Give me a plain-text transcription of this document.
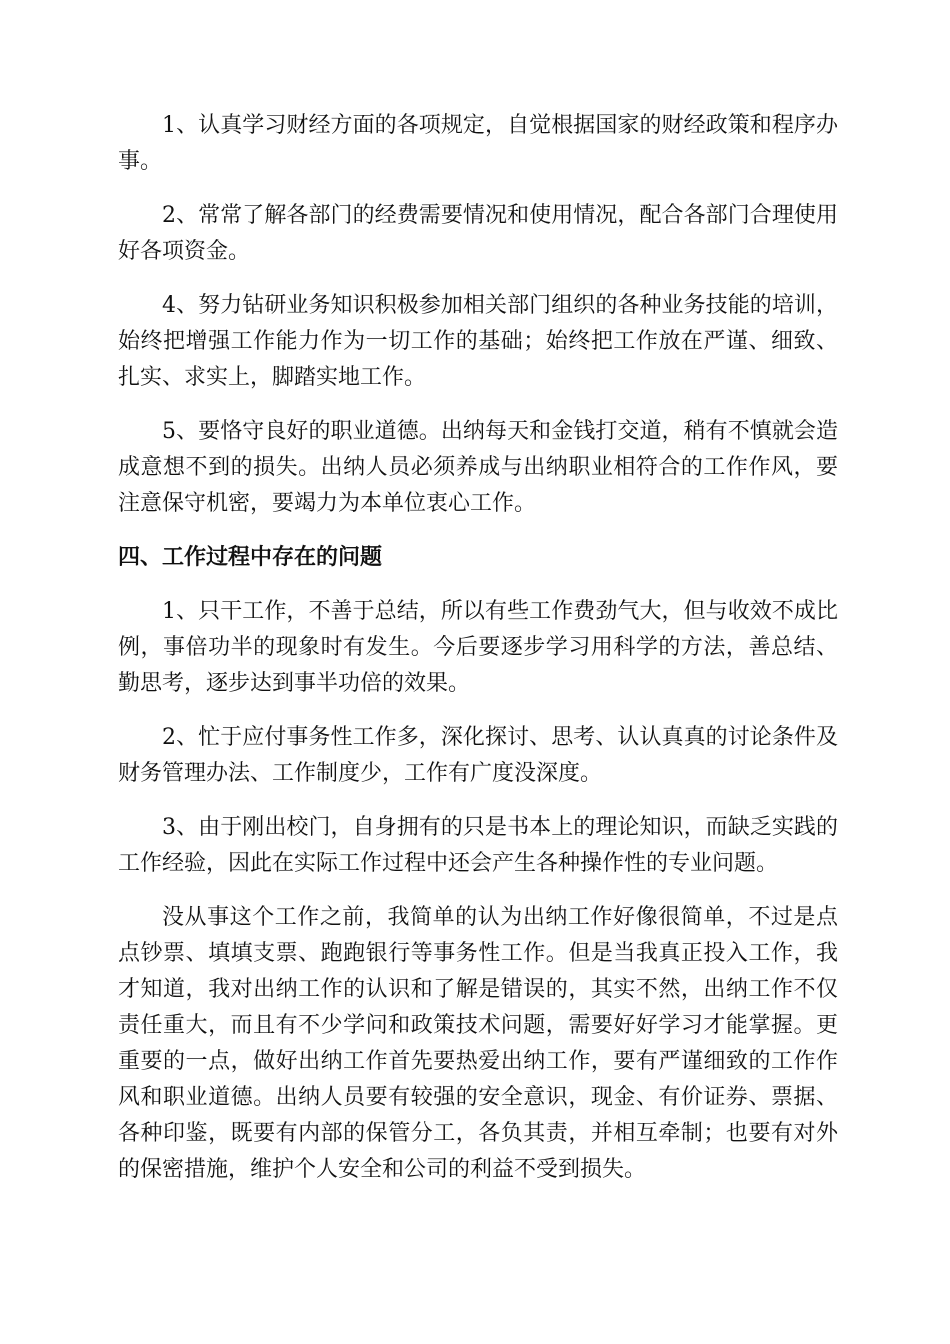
1、认真学习财经方面的各项规定，自觉根据国家的财经政策和程序办事。

2、常常了解各部门的经费需要情况和使用情况，配合各部门合理使用好各项资金。

4、努力钻研业务知识积极参加相关部门组织的各种业务技能的培训，始终把增强工作能力作为一切工作的基础；始终把工作放在严谨、细致、扎实、求实上，脚踏实地工作。

5、要恪守良好的职业道德。出纳每天和金钱打交道，稍有不慎就会造成意想不到的损失。出纳人员必须养成与出纳职业相符合的工作作风，要注意保守机密，要竭力为本单位衷心工作。

四、工作过程中存在的问题

1、只干工作，不善于总结，所以有些工作费劲气大，但与收效不成比例，事倍功半的现象时有发生。今后要逐步学习用科学的方法，善总结、勤思考，逐步达到事半功倍的效果。

2、忙于应付事务性工作多，深化探讨、思考、认认真真的讨论条件及财务管理办法、工作制度少，工作有广度没深度。

3、由于刚出校门，自身拥有的只是书本上的理论知识，而缺乏实践的工作经验，因此在实际工作过程中还会产生各种操作性的专业问题。

没从事这个工作之前，我简单的认为出纳工作好像很简单，不过是点点钞票、填填支票、跑跑银行等事务性工作。但是当我真正投入工作，我才知道，我对出纳工作的认识和了解是错误的，其实不然，出纳工作不仅责任重大，而且有不少学问和政策技术问题，需要好好学习才能掌握。更重要的一点，做好出纳工作首先要热爱出纳工作，要有严谨细致的工作作风和职业道德。出纳人员要有较强的安全意识，现金、有价证券、票据、各种印鉴，既要有内部的保管分工，各负其责，并相互牵制；也要有对外的保密措施，维护个人安全和公司的利益不受到损失。
